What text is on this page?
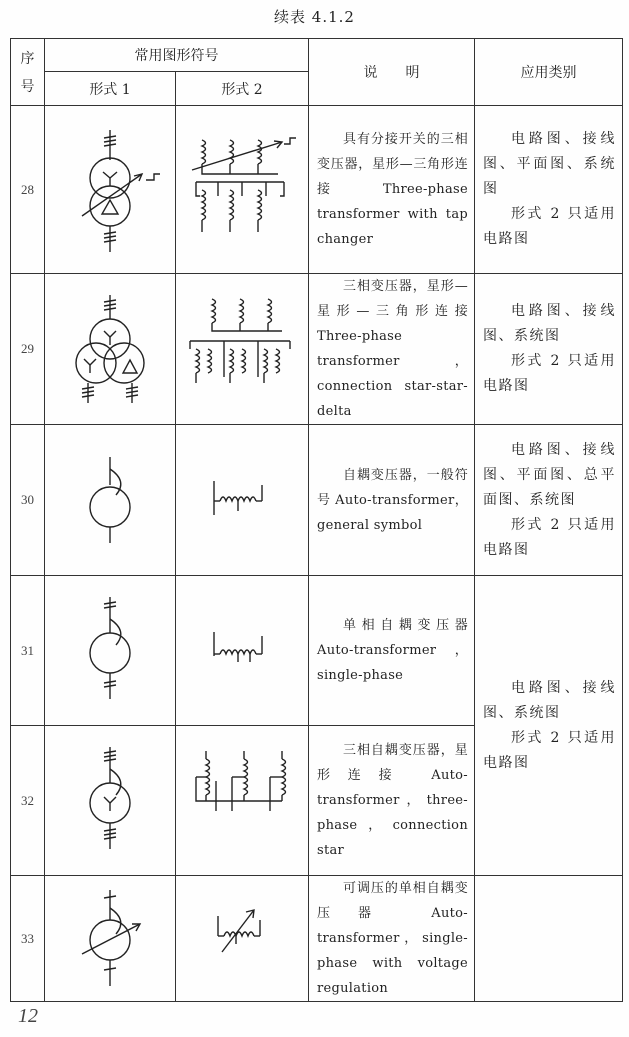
续表 4.1.2
序
号	常用图形符号		说　　明	应用类别
	形式 1	形式 2		
28			具有分接开关的三相变压器，星形—三角形连接 Three-phase transformer with tap changer	电路图、接线图、平面图、系统图

形式 2 只适用电路图

29			三相变压器，星形—星形—三角形连接 Three-phase transformer，connection star-star-delta	电路图、接线图、系统图

形式 2 只适用电路图

30			自耦变压器，一般符号 Auto-transformer，general symbol	电路图、接线图、平面图、总平面图、系统图

形式 2 只适用电路图

31			单相自耦变压器 Auto-transformer，single-phase	电路图、接线图、系统图

形式 2 只适用电路图

32			三相自耦变压器，星形连接 Auto-transformer，three-phase，connection star	

33			可调压的单相自耦变压器 Auto-transformer，single-phase with voltage regulation	

12
